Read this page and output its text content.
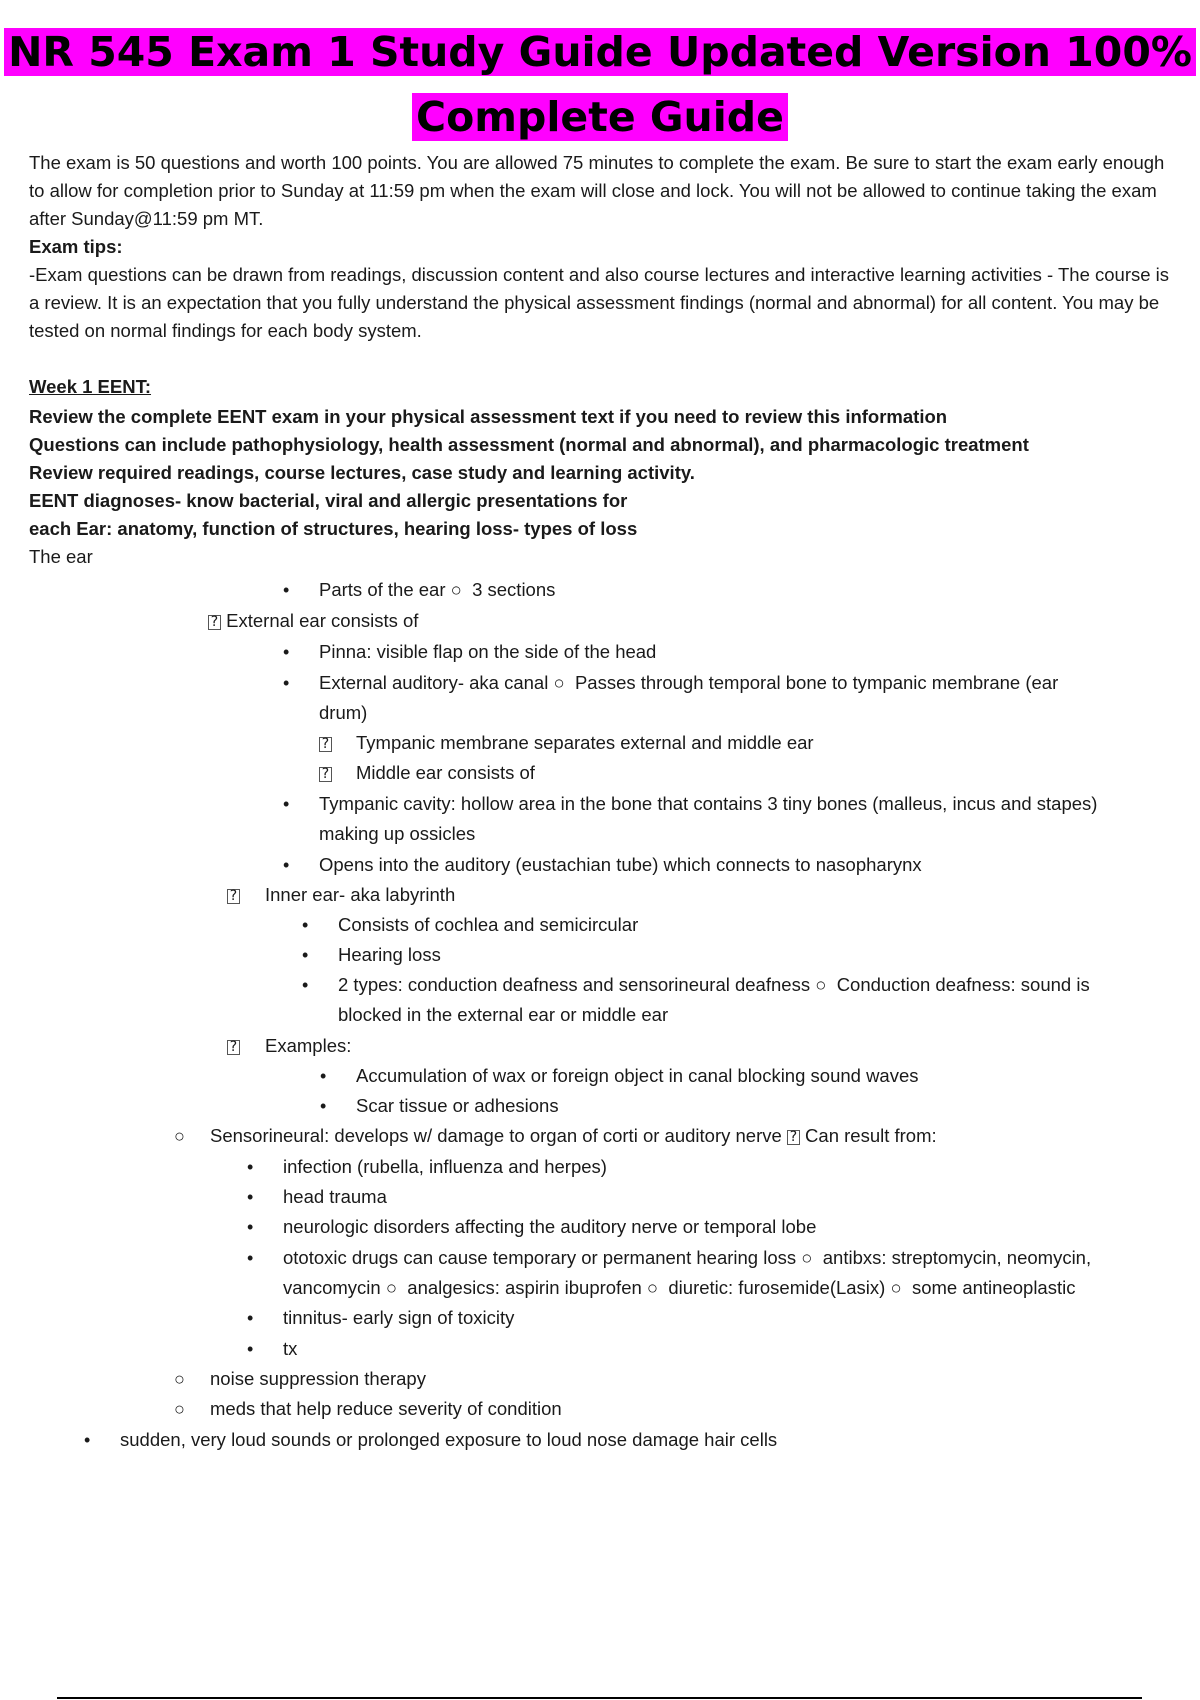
NR 545 Exam 1 Study Guide Updated Version 100%
Complete Guide

The exam is 50 questions and worth 100 points. You are allowed 75 minutes to complete the exam. Be sure to start the exam early enough to allow for completion prior to Sunday at 11:59 pm when the exam will close and lock. You will not be allowed to continue taking the exam after Sunday@11:59 pm MT.

Exam tips:

-Exam questions can be drawn from readings, discussion content and also course lectures and interactive learning activities - The course is a review. It is an expectation that you fully understand the physical assessment findings (normal and abnormal) for all content. You may be tested on normal findings for each body system.

Week 1 EENT:
Review the complete EENT exam in your physical assessment text if you need to review this information
Questions can include pathophysiology, health assessment (normal and abnormal), and pharmacologic treatment
Review required readings, course lectures, case study and learning activity.
EENT diagnoses- know bacterial, viral and allergic presentations for
each Ear: anatomy, function of structures, hearing loss- types of loss
The ear
• Parts of the ear ○ 3 sections
? External ear consists of
• Pinna: visible flap on the side of the head
• External auditory- aka canal ○ Passes through temporal bone to tympanic membrane (ear
drum)
? Tympanic membrane separates external and middle ear
? Middle ear consists of
• Tympanic cavity: hollow area in the bone that contains 3 tiny bones (malleus, incus and stapes)
making up ossicles
• Opens into the auditory (eustachian tube) which connects to nasopharynx
? Inner ear- aka labyrinth
• Consists of cochlea and semicircular
• Hearing loss
• 2 types: conduction deafness and sensorineural deafness ○ Conduction deafness: sound is
blocked in the external ear or middle ear
? Examples:
• Accumulation of wax or foreign object in canal blocking sound waves
• Scar tissue or adhesions
○ Sensorineural: develops w/ damage to organ of corti or auditory nerve ? Can result from:
• infection (rubella, influenza and herpes)
• head trauma
• neurologic disorders affecting the auditory nerve or temporal lobe
• ototoxic drugs can cause temporary or permanent hearing loss ○ antibxs: streptomycin, neomycin,
vancomycin ○ analgesics: aspirin ibuprofen ○ diuretic: furosemide(Lasix) ○ some antineoplastic
• tinnitus- early sign of toxicity
• tx
○ noise suppression therapy
○ meds that help reduce severity of condition
• sudden, very loud sounds or prolonged exposure to loud nose damage hair cells
